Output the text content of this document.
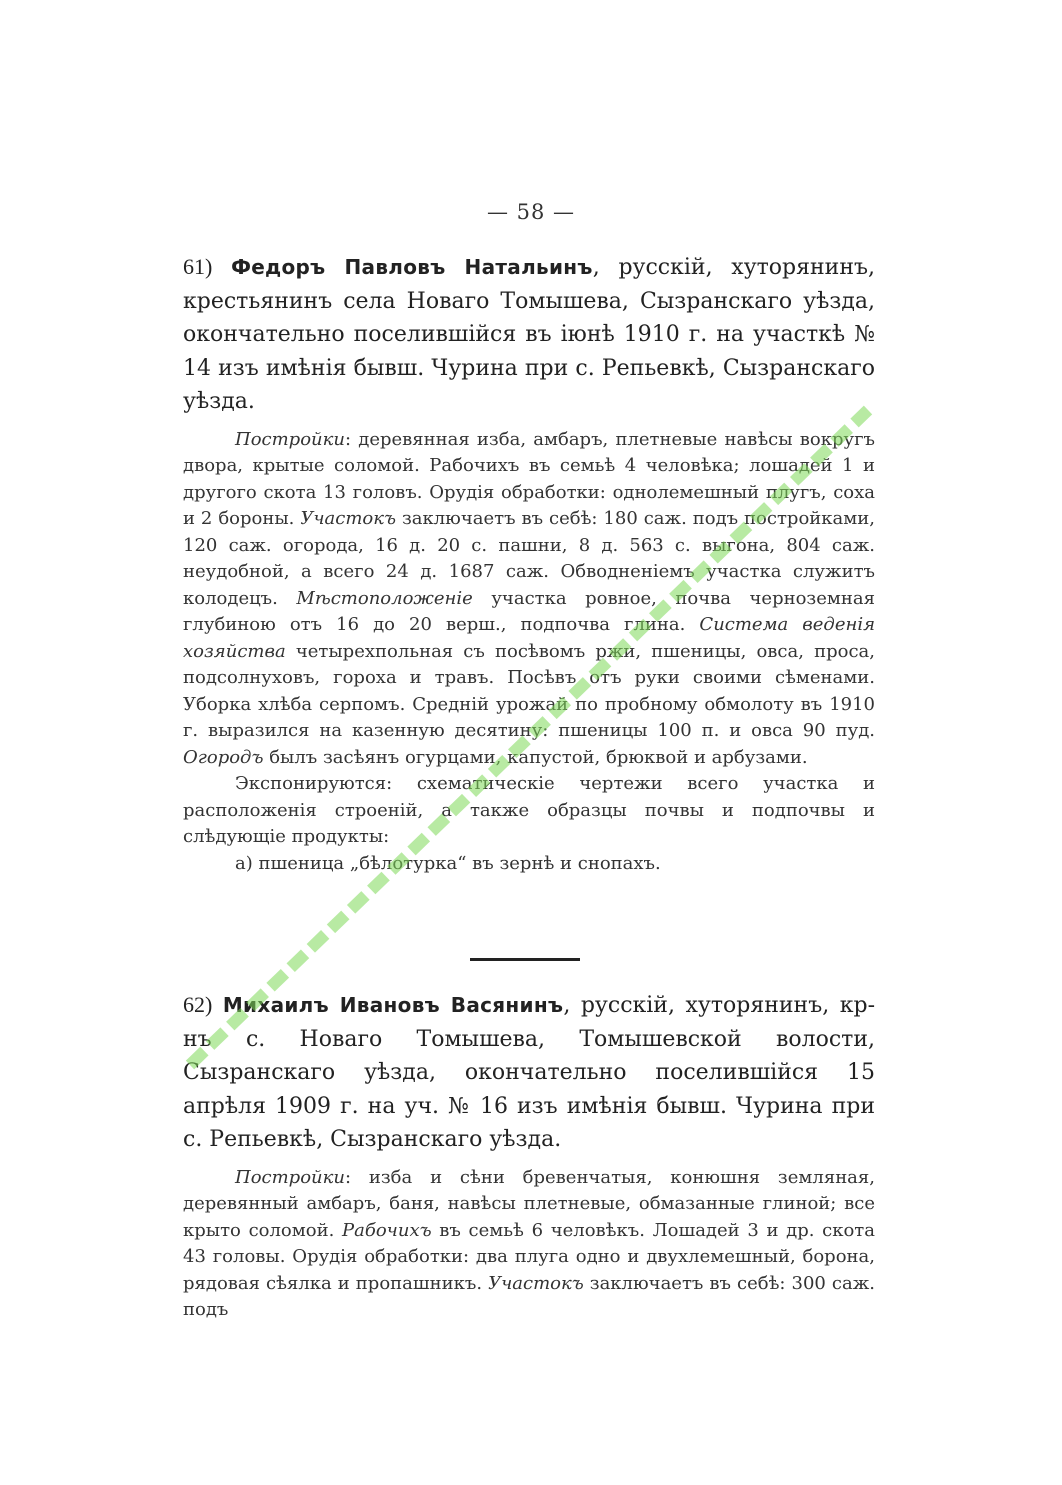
— 58 —

61) Федоръ Павловъ Натальинъ, русскій, хуторянинъ, крестьянинъ села Новаго Томышева, Сызранскаго уѣзда, окончательно поселившійся въ іюнѣ 1910 г. на участкѣ № 14 изъ имѣнія бывш. Чурина при с. Репьевкѣ, Сызранскаго уѣзда.

Постройки: деревянная изба, амбаръ, плетневые навѣсы вокругъ двора, крытые соломой. Рабочихъ въ семьѣ 4 человѣка; лошадей 1 и другого скота 13 головъ. Орудія обработки: однолемешный плугъ, соха и 2 бороны. Участокъ заключаетъ въ себѣ: 180 саж. подъ постройками, 120 саж. огорода, 16 д. 20 с. пашни, 8 д. 563 с. выгона, 804 саж. неудобной, а всего 24 д. 1687 саж. Обводненіемъ участка служитъ колодецъ. Мѣстоположеніе участка ровное, почва черноземная глубиною отъ 16 до 20 верш., подпочва глина. Система веденія хозяйства четырехпольная съ посѣвомъ ржи, пшеницы, овса, проса, подсолнуховъ, гороха и травъ. Посѣвъ отъ руки своими сѣменами. Уборка хлѣба серпомъ. Средній урожай по пробному обмолоту въ 1910 г. выразился на казенную десятину: пшеницы 100 п. и овса 90 пуд. Огородъ былъ засѣянъ огурцами, капустой, брюквой и арбузами.

Экспонируются: схематическіе чертежи всего участка и расположенія строеній, а также образцы почвы и подпочвы и слѣдующіе продукты:

а) пшеница „бѣлотурка“ въ зернѣ и снопахъ.

62) Михаилъ Ивановъ Васянинъ, русскій, хуторянинъ, кр-нъ с. Новаго Томышева, Томышевской волости, Сызранскаго уѣзда, окончательно поселившійся 15 апрѣля 1909 г. на уч. № 16 изъ имѣнія бывш. Чурина при с. Репьевкѣ, Сызранскаго уѣзда.

Постройки: изба и сѣни бревенчатыя, конюшня земляная, деревянный амбаръ, баня, навѣсы плетневые, обмазанные глиной; все крыто соломой. Рабочихъ въ семьѣ 6 человѣкъ. Лошадей 3 и др. скота 43 головы. Орудія обработки: два плуга одно и двухлемешный, борона, рядовая сѣялка и пропашникъ. Участокъ заключаетъ въ себѣ: 300 саж. подъ
